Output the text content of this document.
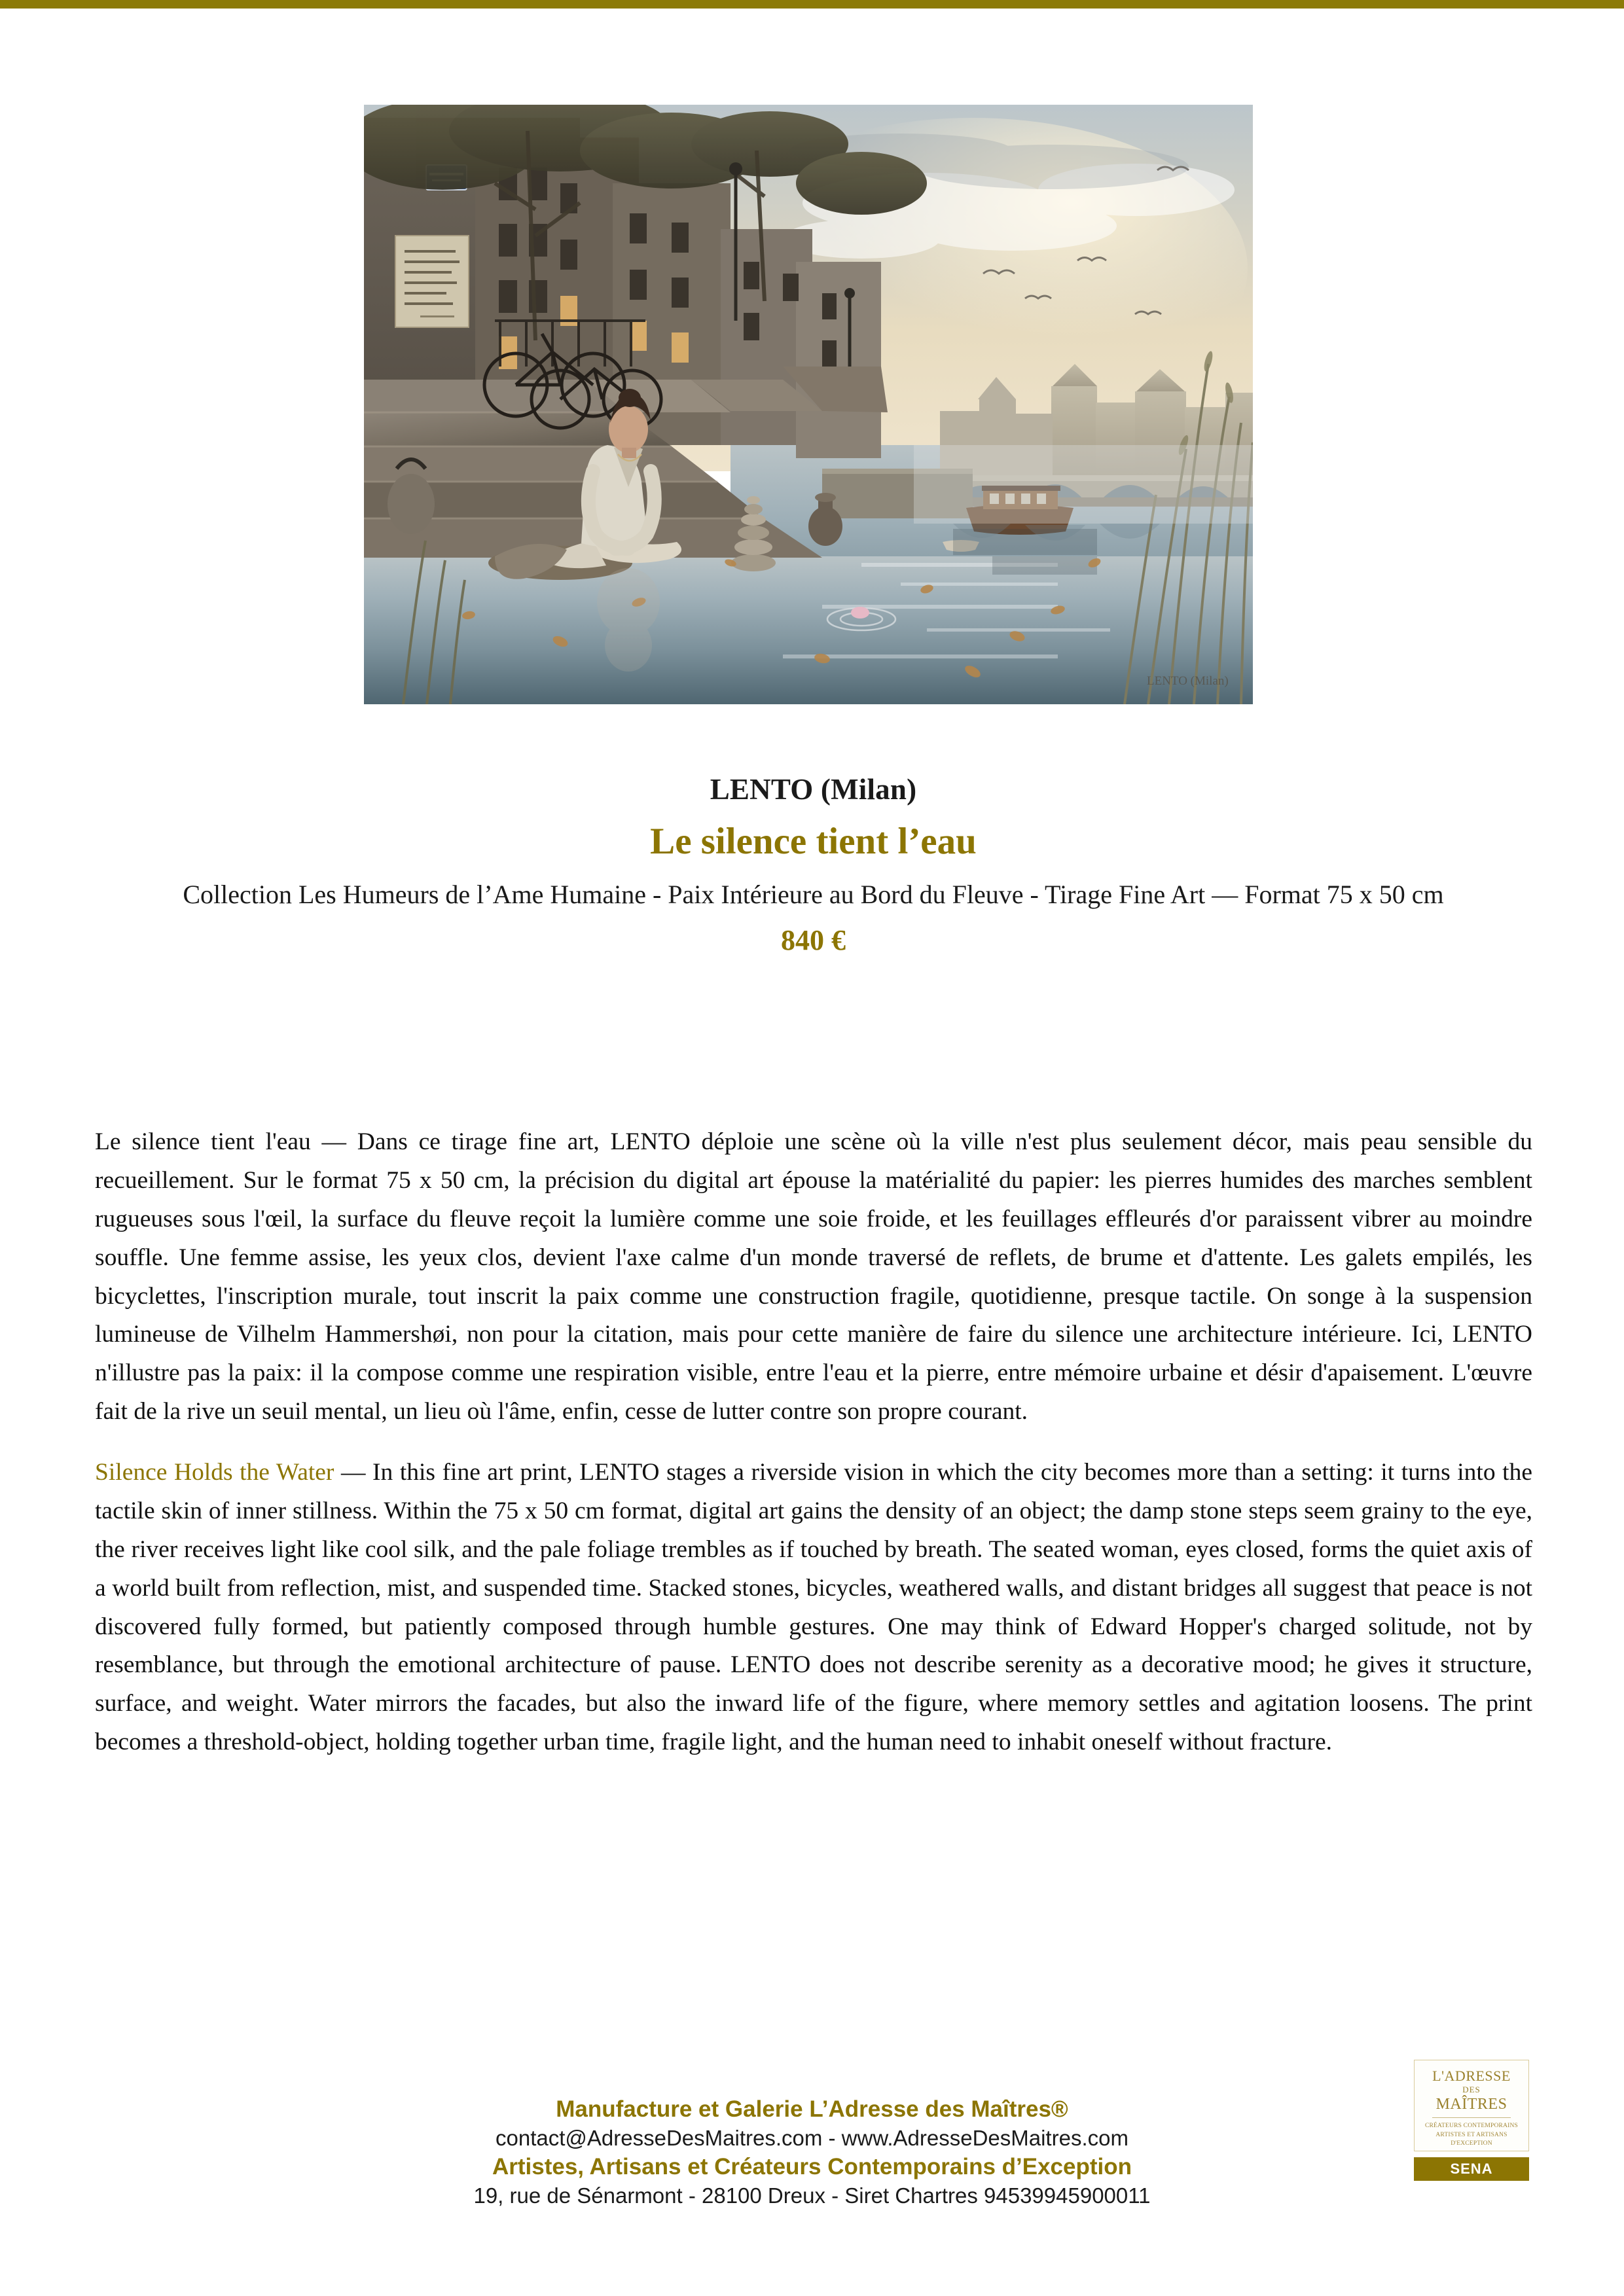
LENTO (Milan)
LENTO (Milan)
Le silence tient l’eau
Collection Les Humeurs de l’Ame Humaine - Paix Intérieure au Bord du Fleuve - Tirage Fine Art — Format 75 x 50 cm
840 €

Le silence tient l'eau — Dans ce tirage fine art, LENTO déploie une scène où la ville n'est plus seulement décor, mais peau sensible du recueillement. Sur le format 75 x 50 cm, la précision du digital art épouse la matérialité du papier: les pierres humides des marches semblent rugueuses sous l'œil, la surface du fleuve reçoit la lumière comme une soie froide, et les feuillages effleurés d'or paraissent vibrer au moindre souffle. Une femme assise, les yeux clos, devient l'axe calme d'un monde traversé de reflets, de brume et d'attente. Les galets empilés, les bicyclettes, l'inscription murale, tout inscrit la paix comme une construction fragile, quotidienne, presque tactile. On songe à la suspension lumineuse de Vilhelm Hammershøi, non pour la citation, mais pour cette manière de faire du silence une architecture intérieure. Ici, LENTO n'illustre pas la paix: il la compose comme une respiration visible, entre l'eau et la pierre, entre mémoire urbaine et désir d'apaisement. L'œuvre fait de la rive un seuil mental, un lieu où l'âme, enfin, cesse de lutter contre son propre courant.

Silence Holds the Water — In this fine art print, LENTO stages a riverside vision in which the city becomes more than a setting: it turns into the tactile skin of inner stillness. Within the 75 x 50 cm format, digital art gains the density of an object; the damp stone steps seem grainy to the eye, the river receives light like cool silk, and the pale foliage trembles as if touched by breath. The seated woman, eyes closed, forms the quiet axis of a world built from reflection, mist, and suspended time. Stacked stones, bicycles, weathered walls, and distant bridges all suggest that peace is not discovered fully formed, but patiently composed through humble gestures. One may think of Edward Hopper's charged solitude, not by resemblance, but through the emotional architecture of pause. LENTO does not describe serenity as a decorative mood; he gives it structure, surface, and weight. Water mirrors the facades, but also the inward life of the figure, where memory settles and agitation loosens. The print becomes a threshold-object, holding together urban time, fragile light, and the human need to inhabit oneself without fracture.

Manufacture et Galerie L’Adresse des Maîtres®
contact@AdresseDesMaitres.com - www.AdresseDesMaitres.com
Artistes, Artisans et Créateurs Contemporains d’Exception
19, rue de Sénarmont - 28100 Dreux - Siret Chartres 94539945900011
L'ADRESSE
DES
MAÎTRES
CRÉATEURS CONTEMPORAINS
ARTISTES ET ARTISANS
D'EXCEPTION
SENA
